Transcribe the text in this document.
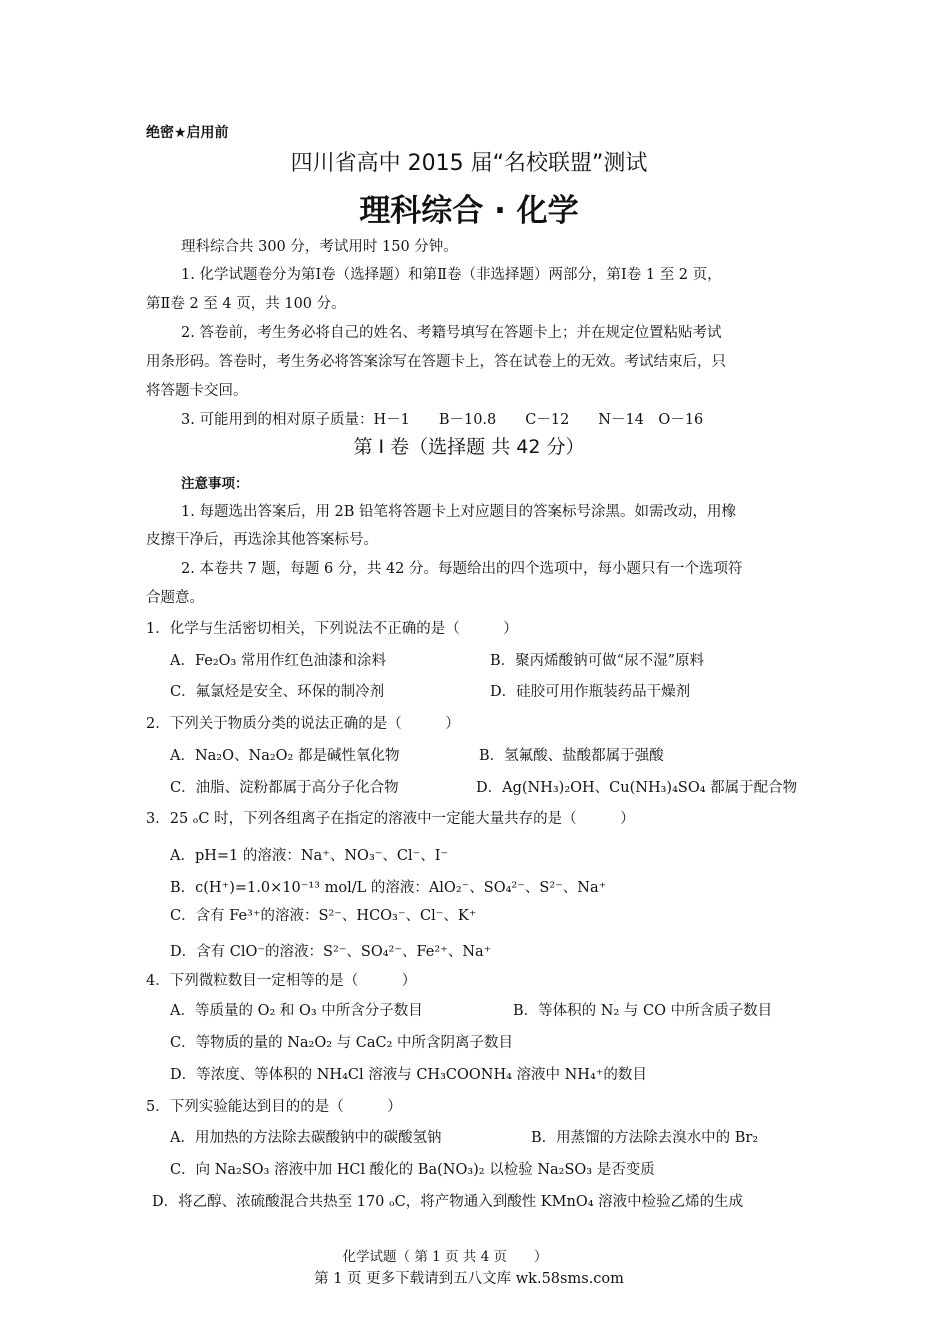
绝密★启用前
四川省高中 2015 届“名校联盟”测试
理科综合 · 化学
理科综合共 300 分，考试用时 150 分钟。
1. 化学试题卷分为第Ⅰ卷（选择题）和第Ⅱ卷（非选择题）两部分，第Ⅰ卷 1 至 2 页，
第Ⅱ卷 2 至 4 页，共 100 分。
2. 答卷前，考生务必将自己的姓名、考籍号填写在答题卡上；并在规定位置粘贴考试
用条形码。答卷时，考生务必将答案涂写在答题卡上，答在试卷上的无效。考试结束后，只
将答题卡交回。
3. 可能用到的相对原子质量：H－1　　B－10.8　　C－12　　N－14　O－16
第 Ⅰ 卷（选择题 共 42 分）
注意事项：
1. 每题选出答案后，用 2B 铅笔将答题卡上对应题目的答案标号涂黑。如需改动，用橡
皮擦干净后，再选涂其他答案标号。
2. 本卷共 7 题，每题 6 分，共 42 分。每题给出的四个选项中，每小题只有一个选项符
合题意。
1．化学与生活密切相关，下列说法不正确的是（　　　）
A．Fe₂O₃ 常用作红色油漆和涂料	B．聚丙烯酸钠可做“尿不湿”原料
C．氟氯烃是安全、环保的制冷剂	D．硅胶可用作瓶装药品干燥剂
2．下列关于物质分类的说法正确的是（　　　）
A．Na₂O、Na₂O₂ 都是碱性氧化物	B．氢氟酸、盐酸都属于强酸
C．油脂、淀粉都属于高分子化合物	D．Ag(NH₃)₂OH、Cu(NH₃)₄SO₄ 都属于配合物
3．25 ₒC 时，下列各组离子在指定的溶液中一定能大量共存的是（　　　）
A．pH=1 的溶液：Na⁺、NO₃⁻、Cl⁻、I⁻
B．c(H⁺)=1.0×10⁻¹³ mol/L 的溶液：AlO₂⁻、SO₄²⁻、S²⁻、Na⁺
C．含有 Fe³⁺的溶液：S²⁻、HCO₃⁻、Cl⁻、K⁺
D．含有 ClO⁻的溶液：S²⁻、SO₄²⁻、Fe²⁺、Na⁺
4．下列微粒数目一定相等的是（　　　）
A．等质量的 O₂ 和 O₃ 中所含分子数目	B．等体积的 N₂ 与 CO 中所含质子数目
C．等物质的量的 Na₂O₂ 与 CaC₂ 中所含阴离子数目
D．等浓度、等体积的 NH₄Cl 溶液与 CH₃COONH₄ 溶液中 NH₄⁺的数目
5．下列实验能达到目的的是（　　　）
A．用加热的方法除去碳酸钠中的碳酸氢钠	B．用蒸馏的方法除去溴水中的 Br₂
C．向 Na₂SO₃ 溶液中加 HCl 酸化的 Ba(NO₃)₂ 以检验 Na₂SO₃ 是否变质
D．将乙醇、浓硫酸混合共热至 170 ₒC，将产物通入到酸性 KMnO₄ 溶液中检验乙烯的生成
化学试题（ 第 1 页 共 4 页　　）
第 1 页 更多下载请到五八文库 wk.58sms.com
